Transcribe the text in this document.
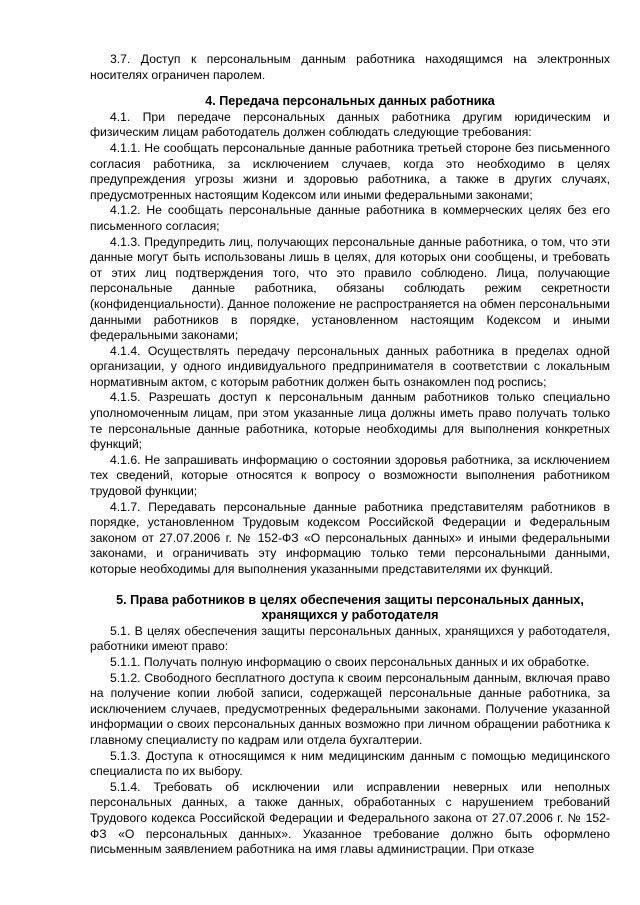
3.7. Доступ к персональным данным работника находящимся на электронных носителях ограничен паролем.

4. Передача персональных данных работника

4.1. При передаче персональных данных работника другим юридическим и физическим лицам работодатель должен соблюдать следующие требования:

4.1.1. Не сообщать персональные данные работника третьей стороне без письменного согласия работника, за исключением случаев, когда это необходимо в целях предупреждения угрозы жизни и здоровью работника, а также в других случаях, предусмотренных настоящим Кодексом или иными федеральными законами;

4.1.2. Не сообщать персональные данные работника в коммерческих целях без его письменного согласия;

4.1.3. Предупредить лиц, получающих персональные данные работника, о том, что эти данные могут быть использованы лишь в целях, для которых они сообщены, и требовать от этих лиц подтверждения того, что это правило соблюдено. Лица, получающие персональные данные работника, обязаны соблюдать режим секретности (конфиденциальности). Данное положение не распространяется на обмен персональными данными работников в порядке, установленном настоящим Кодексом и иными федеральными законами;

4.1.4. Осуществлять передачу персональных данных работника в пределах одной организации, у одного индивидуального предпринимателя в соответствии с локальным нормативным актом, с которым работник должен быть ознакомлен под роспись;

4.1.5. Разрешать доступ к персональным данным работников только специально уполномоченным лицам, при этом указанные лица должны иметь право получать только те персональные данные работника, которые необходимы для выполнения конкретных функций;

4.1.6. Не запрашивать информацию о состоянии здоровья работника, за исключением тех сведений, которые относятся к вопросу о возможности выполнения работником трудовой функции;

4.1.7. Передавать персональные данные работника представителям работников в порядке, установленном Трудовым кодексом Российской Федерации и Федеральным законом от 27.07.2006 г. № 152-ФЗ «О персональных данных» и иными федеральными законами, и ограничивать эту информацию только теми персональными данными, которые необходимы для выполнения указанными представителями их функций.

5. Права работников в целях обеспечения защиты персональных данных,

хранящихся у работодателя

5.1. В целях обеспечения защиты персональных данных, хранящихся у работодателя, работники имеют право:

5.1.1. Получать полную информацию о своих персональных данных и их обработке.

5.1.2. Свободного бесплатного доступа к своим персональным данным, включая право на получение копии любой записи, содержащей персональные данные работника, за исключением случаев, предусмотренных федеральными законами. Получение указанной информации о своих персональных данных возможно при личном обращении работника к главному специалисту по кадрам или отдела бухгалтерии.

5.1.3. Доступа к относящимся к ним медицинским данным с помощью медицинского специалиста по их выбору.

5.1.4. Требовать об исключении или исправлении неверных или неполных персональных данных, а также данных, обработанных с нарушением требований Трудового кодекса Российской Федерации и Федерального закона от 27.07.2006 г. № 152-ФЗ «О персональных данных». Указанное требование должно быть оформлено письменным заявлением работника на имя главы администрации. При отказе
